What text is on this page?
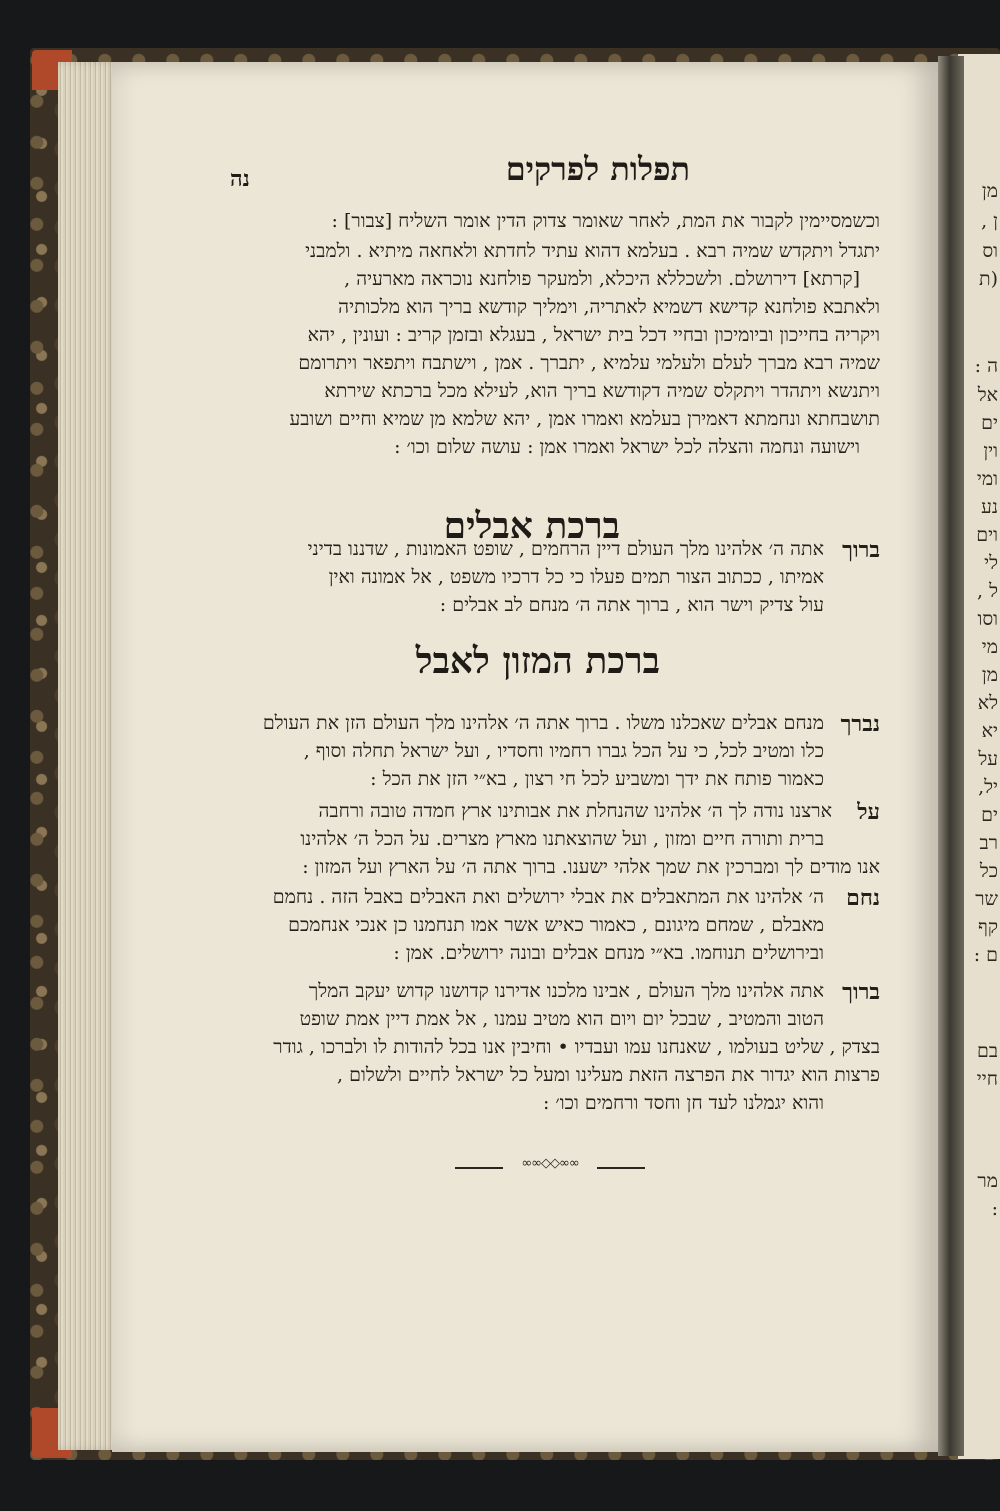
מן
ן ,
וס
(ת
ה :
אל
ים
וין
ומי
נע
וים
לי
ל ,
וסו
מי
מן
לא
יא
על
יל,
ים
רב
כל
שר
קף
ם :
בם
חיי
מר
:
תפלות לפרקים
נה
וכשמסיימין לקבור את המת, לאחר שאומר צדוק הדין אומר השליח [צבור] :
יתגדל ויתקדש שמיה רבא . בעלמא דהוא עתיד לחדתא ולאחאה מיתיא . ולמבני
[קרתא] דירושלם. ולשכללא היכלא, ולמעקר פולחנא נוכראה מארעיה ,
ולאתבא פולחנא קדישא דשמיא לאתריה, וימליך קודשא בריך הוא מלכותיה
ויקריה בחייכון וביומיכון ובחיי דכל בית ישראל , בעגלא ובזמן קריב : ועונין , יהא
שמיה רבא מברך לעלם ולעלמי עלמיא , יתברך . אמן , וישתבח ויתפאר ויתרומם
ויתנשא ויתהדר ויתקלס שמיה דקודשא בריך הוא, לעילא מכל ברכתא שירתא
תושבחתא ונחמתא דאמירן בעלמא ואמרו אמן , יהא שלמא מן שמיא וחיים ושובע
וישועה ונחמה והצלה לכל ישראל ואמרו אמן : עושה שלום וכו׳ :
ברכת אבלים
ברוך
אתה ה׳ אלהינו מלך העולם דיין הרחמים , שופט האמונות , שדננו בדיני
אמיתו , ככתוב הצור תמים פעלו כי כל דרכיו משפט , אל אמונה ואין
עול צדיק וישר הוא , ברוך אתה ה׳ מנחם לב אבלים :
ברכת המזון לאבל
נברך
מנחם אבלים שאכלנו משלו . ברוך אתה ה׳ אלהינו מלך העולם הזן את העולם
כלו ומטיב לכל, כי על הכל גברו רחמיו וחסדיו , ועל ישראל תחלה וסוף ,
כאמור פותח את ידך ומשביע לכל חי רצון , בא״י הזן את הכל :
על
ארצנו נודה לך ה׳ אלהינו שהנחלת את אבותינו ארץ חמדה טובה ורחבה
ברית ותורה חיים ומזון , ועל שהוצאתנו מארץ מצרים. על הכל ה׳ אלהינו
אנו מודים לך ומברכין את שמך אלהי ישענו. ברוך אתה ה׳ על הארץ ועל המזון :
נחם
ה׳ אלהינו את המתאבלים את אבלי ירושלים ואת האבלים באבל הזה . נחמם
מאבלם , שמחם מיגונם , כאמור כאיש אשר אמו תנחמנו כן אנכי אנחמכם
ובירושלים תנוחמו. בא״י מנחם אבלים ובונה ירושלים. אמן :
ברוך
אתה אלהינו מלך העולם , אבינו מלכנו אדירנו קדושנו קדוש יעקב המלך
הטוב והמטיב , שבכל יום ויום הוא מטיב עמנו , אל אמת דיין אמת שופט
בצדק , שליט בעולמו , שאנחנו עמו ועבדיו • וחיבין אנו בכל להודות לו ולברכו , גודר
פרצות הוא יגדור את הפרצה הזאת מעלינו ומעל כל ישראל לחיים ולשלום ,
והוא יגמלנו לעד חן וחסד ורחמים וכו׳ :
∞∞◇◇∞∞
